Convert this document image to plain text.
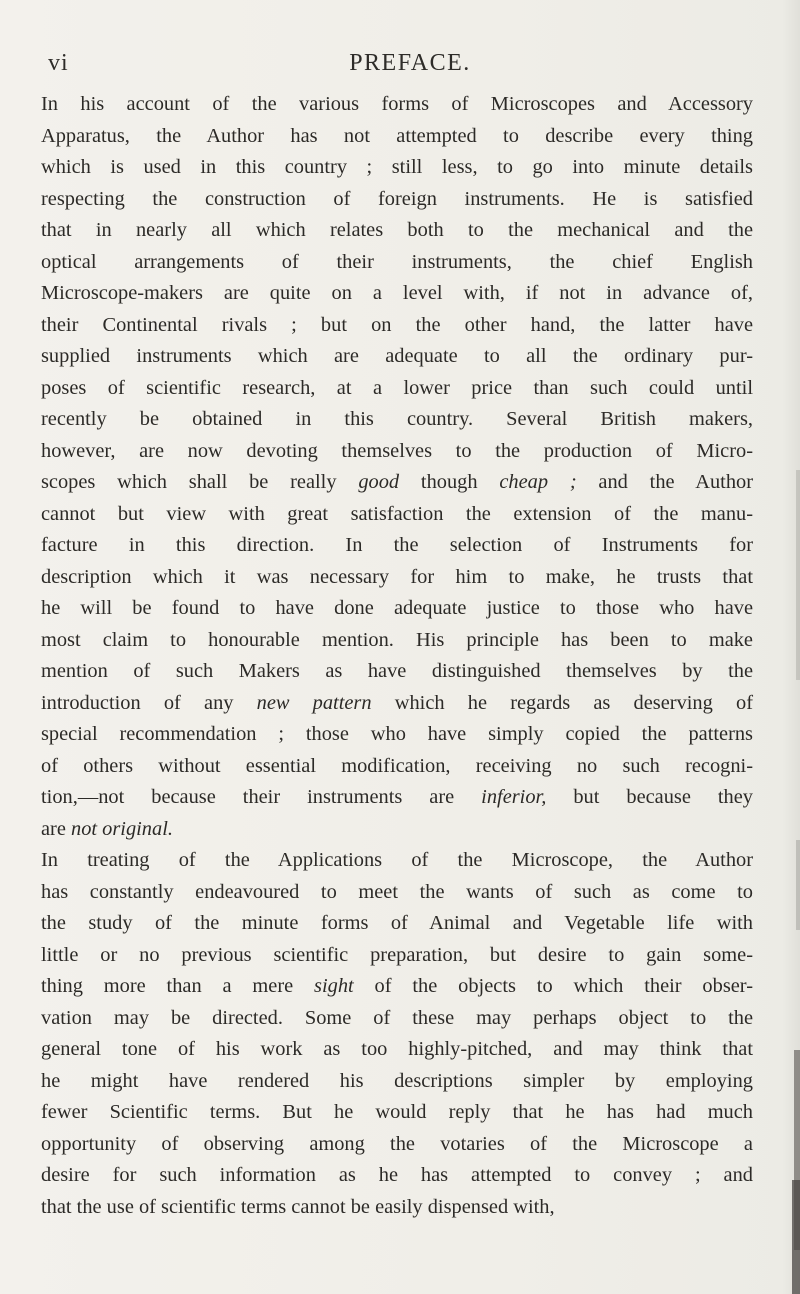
vi	PREFACE.
In his account of the various forms of Microscopes and Accessory
Apparatus, the Author has not attempted to describe every thing
which is used in this country ; still less, to go into minute details
respecting the construction of foreign instruments. He is satisfied
that in nearly all which relates both to the mechanical and the
optical arrangements of their instruments, the chief English
Microscope-makers are quite on a level with, if not in advance of,
their Continental rivals ; but on the other hand, the latter have
supplied instruments which are adequate to all the ordinary pur-
poses of scientific research, at a lower price than such could until
recently be obtained in this country. Several British makers,
however, are now devoting themselves to the production of Micro-
scopes which shall be really good though cheap ; and the Author
cannot but view with great satisfaction the extension of the manu-
facture in this direction. In the selection of Instruments for
description which it was necessary for him to make, he trusts that
he will be found to have done adequate justice to those who have
most claim to honourable mention. His principle has been to make
mention of such Makers as have distinguished themselves by the
introduction of any new pattern which he regards as deserving of
special recommendation ; those who have simply copied the patterns
of others without essential modification, receiving no such recogni-
tion,—not because their instruments are inferior, but because they
are not original.
In treating of the Applications of the Microscope, the Author
has constantly endeavoured to meet the wants of such as come to
the study of the minute forms of Animal and Vegetable life with
little or no previous scientific preparation, but desire to gain some-
thing more than a mere sight of the objects to which their obser-
vation may be directed. Some of these may perhaps object to the
general tone of his work as too highly-pitched, and may think that
he might have rendered his descriptions simpler by employing
fewer Scientific terms. But he would reply that he has had much
opportunity of observing among the votaries of the Microscope a
desire for such information as he has attempted to convey ; and
that the use of scientific terms cannot be easily dispensed with,
